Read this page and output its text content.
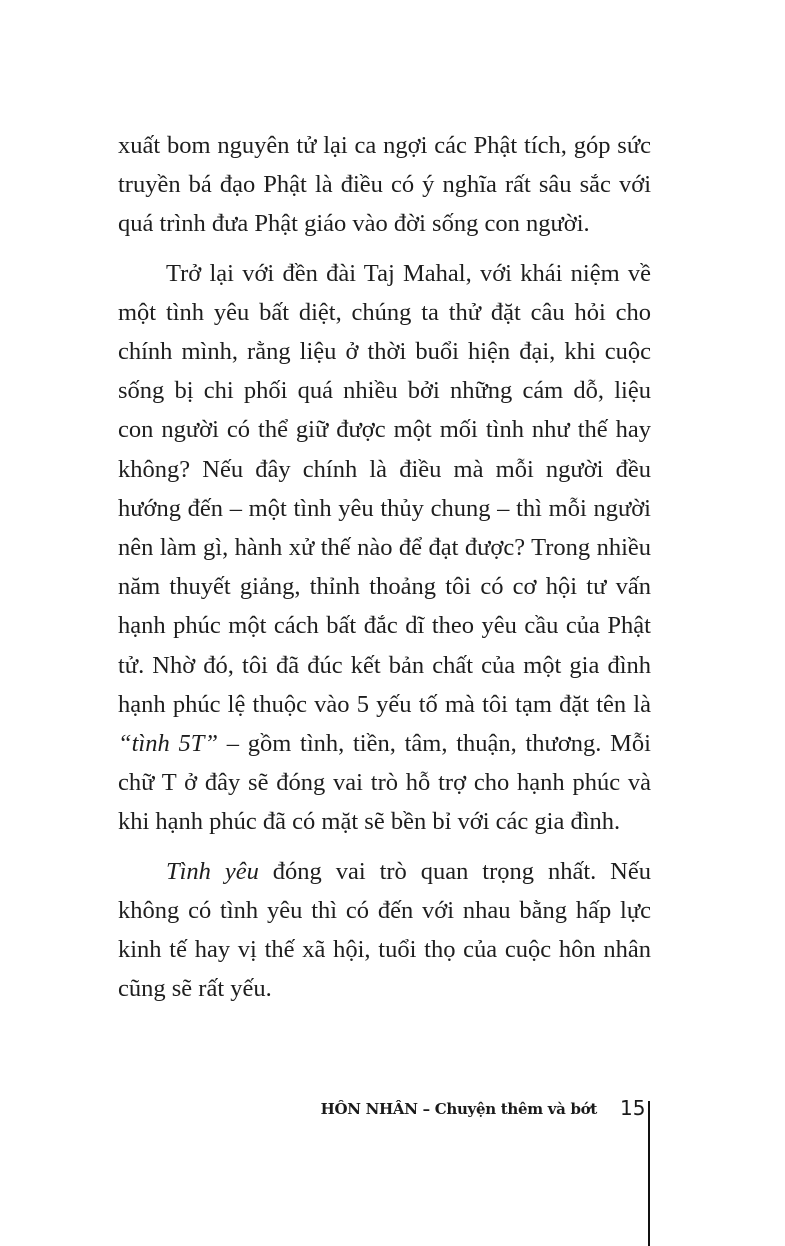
xuất bom nguyên tử lại ca ngợi các Phật tích, góp sức truyền bá đạo Phật là điều có ý nghĩa rất sâu sắc với quá trình đưa Phật giáo vào đời sống con người.

Trở lại với đền đài Taj Mahal, với khái niệm về một tình yêu bất diệt, chúng ta thử đặt câu hỏi cho chính mình, rằng liệu ở thời buổi hiện đại, khi cuộc sống bị chi phối quá nhiều bởi những cám dỗ, liệu con người có thể giữ được một mối tình như thế hay không? Nếu đây chính là điều mà mỗi người đều hướng đến – một tình yêu thủy chung – thì mỗi người nên làm gì, hành xử thế nào để đạt được? Trong nhiều năm thuyết giảng, thỉnh thoảng tôi có cơ hội tư vấn hạnh phúc một cách bất đắc dĩ theo yêu cầu của Phật tử. Nhờ đó, tôi đã đúc kết bản chất của một gia đình hạnh phúc lệ thuộc vào 5 yếu tố mà tôi tạm đặt tên là “tình 5T” – gồm tình, tiền, tâm, thuận, thương. Mỗi chữ T ở đây sẽ đóng vai trò hỗ trợ cho hạnh phúc và khi hạnh phúc đã có mặt sẽ bền bỉ với các gia đình.

Tình yêu đóng vai trò quan trọng nhất. Nếu không có tình yêu thì có đến với nhau bằng hấp lực kinh tế hay vị thế xã hội, tuổi thọ của cuộc hôn nhân cũng sẽ rất yếu.

HÔN NHÂN – Chuyện thêm và bớt 15
